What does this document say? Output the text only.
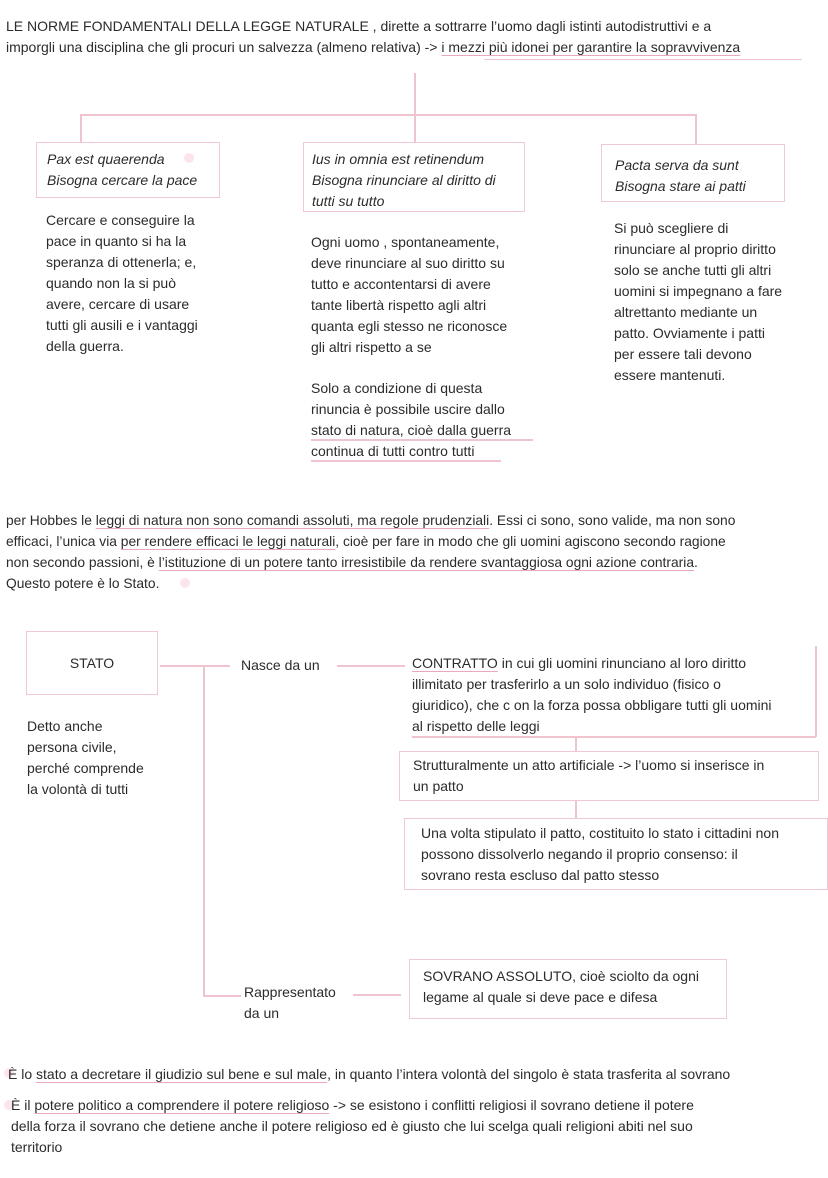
LE NORME FONDAMENTALI DELLA LEGGE NATURALE , dirette a sottrarre l’uomo dagli istinti autodistruttivi e a
imporgli una disciplina che gli procuri un salvezza (almeno relativa) -> i mezzi più idonei per garantire la sopravvivenza
Pax est quaerenda
Bisogna cercare la pace
Cercare e conseguire la
pace in quanto si ha la
speranza di ottenerla; e,
quando non la si può
avere, cercare di usare
tutti gli ausili e i vantaggi
della guerra.
Ius in omnia est retinendum
Bisogna rinunciare al diritto di
tutti su tutto
Ogni uomo , spontaneamente,
deve rinunciare al suo diritto su
tutto e accontentarsi di avere
tante libertà rispetto agli altri
quanta egli stesso ne riconosce
gli altri rispetto a se
Solo a condizione di questa
rinuncia è possibile uscire dallo
stato di natura, cioè dalla guerra
continua di tutti contro tutti
Pacta serva da sunt
Bisogna stare ai patti
Si può scegliere di
rinunciare al proprio diritto
solo se anche tutti gli altri
uomini si impegnano a fare
altrettanto mediante un
patto. Ovviamente i patti
per essere tali devono
essere mantenuti.
per Hobbes le leggi di natura non sono comandi assoluti, ma regole prudenziali. Essi ci sono, sono valide, ma non sono
efficaci, l’unica via per rendere efficaci le leggi naturali, cioè per fare in modo che gli uomini agiscono secondo ragione
non secondo passioni, è l’istituzione di un potere tanto irresistibile da rendere svantaggiosa ogni azione contraria.
Questo potere è lo Stato.
STATO
Detto anche
persona civile,
perché comprende
la volontà di tutti
Nasce da un	CONTRATTO in cui gli uomini rinunciano al loro diritto
illimitato per trasferirlo a un solo individuo (fisico o
giuridico), che c on la forza possa obbligare tutti gli uomini
al rispetto delle leggi
Strutturalmente un atto artificiale -> l’uomo si inserisce in
un patto
Una volta stipulato il patto, costituito lo stato i cittadini non
possono dissolverlo negando il proprio consenso: il
sovrano resta escluso dal patto stesso
Rappresentato
da un
SOVRANO ASSOLUTO, cioè sciolto da ogni
legame al quale si deve pace e difesa
È lo stato a decretare il giudizio sul bene e sul male, in quanto l’intera volontà del singolo è stata trasferita al sovrano
È il potere politico a comprendere il potere religioso -> se esistono i conflitti religiosi il sovrano detiene il potere
della forza il sovrano che detiene anche il potere religioso ed è giusto che lui scelga quali religioni abiti nel suo
territorio
